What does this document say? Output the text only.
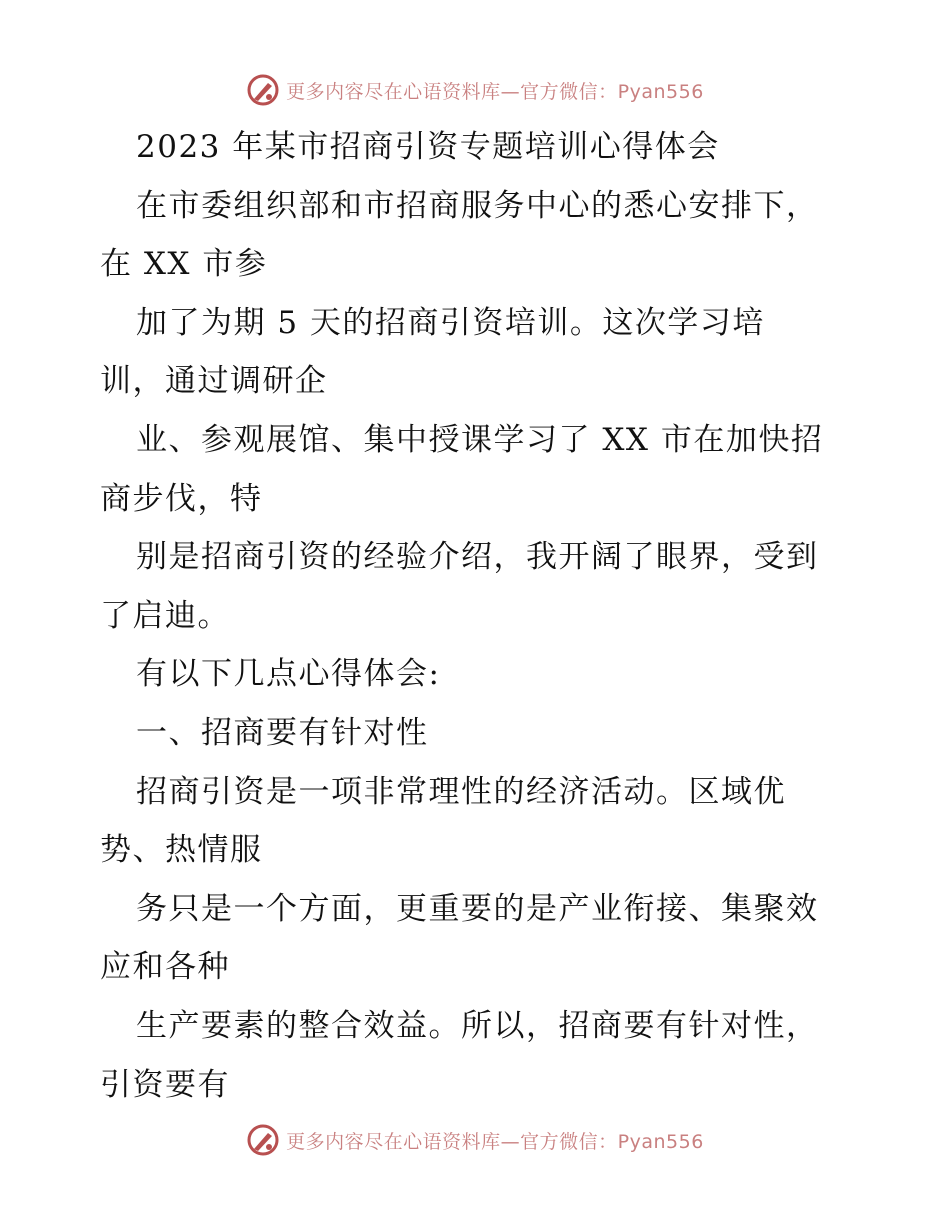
更多内容尽在心语资料库—官方微信：Pyan556
2023 年某市招商引资专题培训心得体会
在市委组织部和市招商服务中心的悉心安排下，
在 XX 市参
加了为期 5 天的招商引资培训。这次学习培
训，通过调研企
业、参观展馆、集中授课学习了 XX 市在加快招
商步伐，特
别是招商引资的经验介绍，我开阔了眼界，受到
了启迪。
有以下几点心得体会:
一、招商要有针对性
招商引资是一项非常理性的经济活动。区域优
势、热情服
务只是一个方面，更重要的是产业衔接、集聚效
应和各种
生产要素的整合效益。所以，招商要有针对性，
引资要有
更多内容尽在心语资料库—官方微信：Pyan556
